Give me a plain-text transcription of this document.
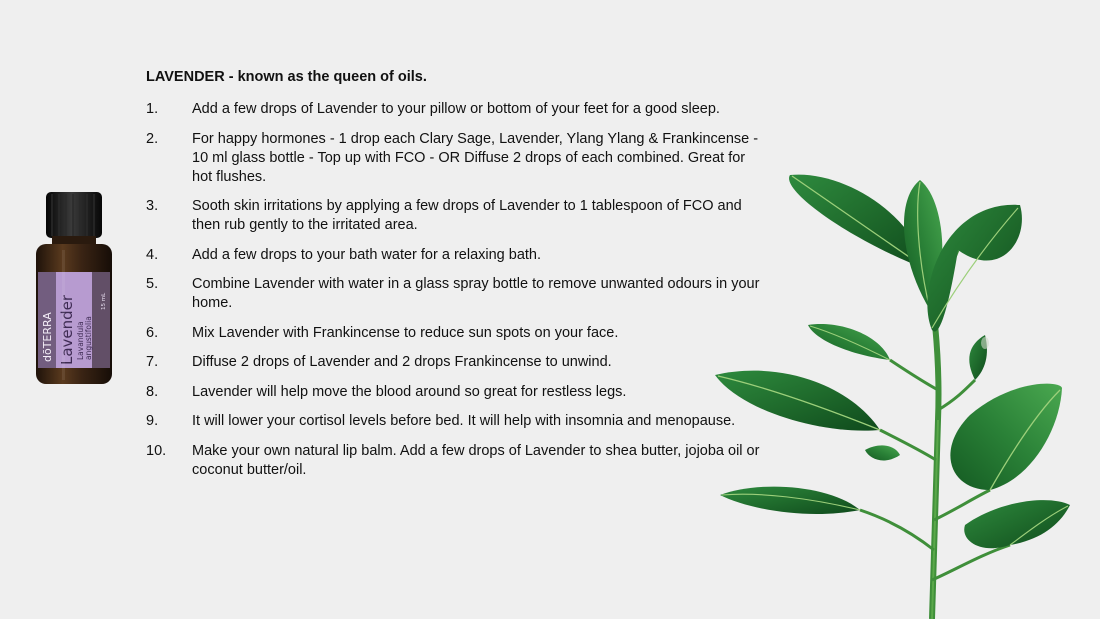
LAVENDER - known as the queen of oils.
1.	Add a few drops of Lavender to your pillow or bottom of your feet for a good sleep.
2.	For happy hormones - 1 drop each Clary Sage, Lavender, Ylang Ylang & Frankincense - 10 ml glass bottle - Top up with FCO - OR Diffuse 2 drops of each combined. Great for hot flushes.
3.	Sooth skin irritations by applying a few drops of Lavender to 1 tablespoon of FCO and then rub gently to the irritated area.
4.	Add a few drops to your bath water for a relaxing bath.
5.	Combine Lavender with water in a glass spray bottle to remove unwanted odours in your home.
6.	Mix Lavender with Frankincense to reduce sun spots on your face.
7.	Diffuse 2 drops of Lavender and 2 drops Frankincense to unwind.
8.	Lavender will help move the blood around so great for restless legs.
9.	It will lower your cortisol levels before bed. It will help with insomnia and menopause.
10.	Make your own natural lip balm. Add a few drops of Lavender to shea butter, jojoba oil or coconut butter/oil.
dōTERRA Lavender Lavandula angustifolia
15 mL
